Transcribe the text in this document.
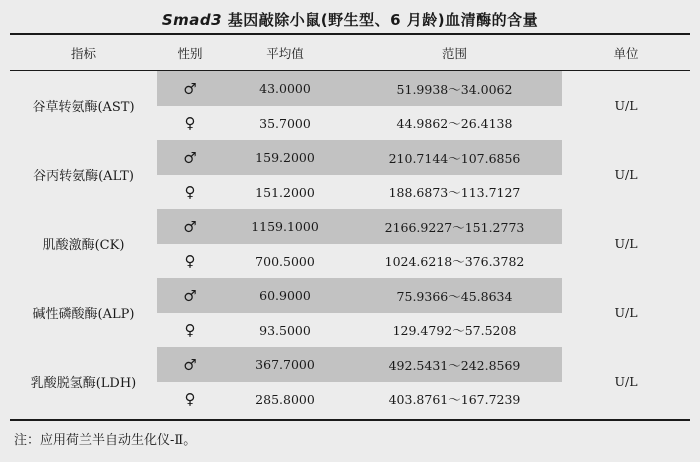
Smad3 基因敲除小鼠(野生型、6 月龄)血清酶的含量
指标	性别	平均值	范围	单位

谷草转氨酶(AST)	♂	43.0000	51.9938～34.0062	U/L
	♀	35.7000	44.9862～26.4138	
谷丙转氨酶(ALT)	♂	159.2000	210.7144～107.6856	U/L
	♀	151.2000	188.6873～113.7127	
肌酸激酶(CK)	♂	1159.1000	2166.9227～151.2773	U/L
	♀	700.5000	1024.6218～376.3782	
碱性磷酸酶(ALP)	♂	60.9000	75.9366～45.8634	U/L
	♀	93.5000	129.4792～57.5208	
乳酸脱氢酶(LDH)	♂	367.7000	492.5431～242.8569	U/L
	♀	285.8000	403.8761～167.7239	
注：应用荷兰半自动生化仪-Ⅱ。
